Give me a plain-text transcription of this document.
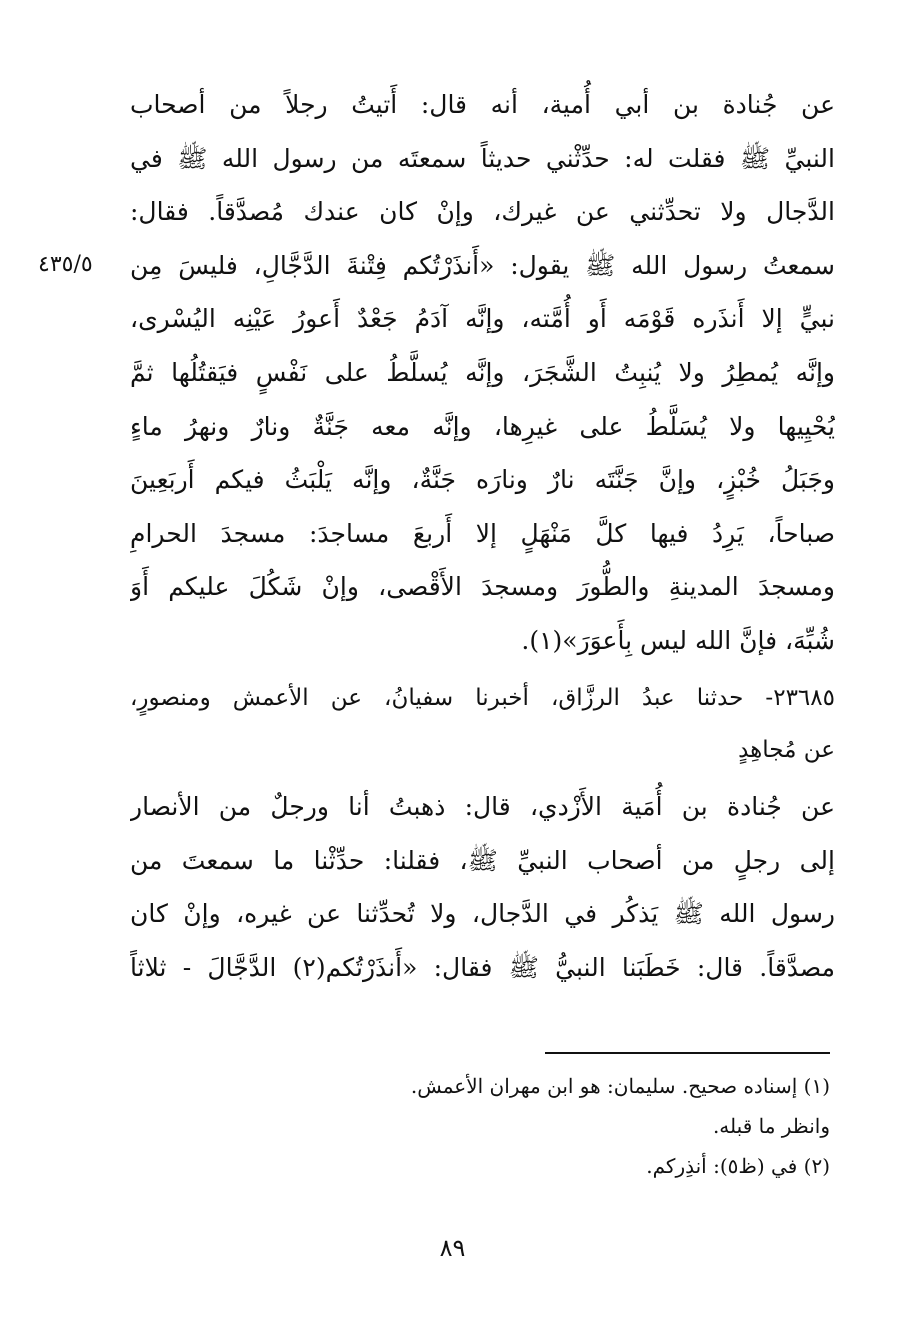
عن جُنادة بن أبي أُمية، أنه قال: أَتيتُ رجلاً من أصحاب
النبيِّ ﷺ فقلت له: حدِّثْني حديثاً سمعتَه من رسول الله ﷺ في
الدَّجال ولا تحدِّثني عن غيرك، وإنْ كان عندك مُصدَّقاً. فقال:
سمعتُ رسول الله ﷺ يقول: «أَنذَرْتُكم فِتْنةَ الدَّجَّالِ، فليسَ مِن
نبيٍّ إلا أَنذَره قَوْمَه أَو أُمَّته، وإنَّه آدَمُ جَعْدٌ أَعورُ عَيْنِه اليُسْرى،
وإنَّه يُمطِرُ ولا يُنبِتُ الشَّجَرَ، وإنَّه يُسلَّطُ على نَفْسٍ فيَقتُلُها ثمَّ
يُحْيِيها ولا يُسَلَّطُ على غيرِها، وإنَّه معه جَنَّةٌ ونارٌ ونهرُ ماءٍ
وجَبَلُ خُبْزٍ، وإنَّ جَنَّتَه نارٌ ونارَه جَنَّةٌ، وإنَّه يَلْبَثُ فيكم أَربَعِينَ
صباحاً، يَرِدُ فيها كلَّ مَنْهَلٍ إلا أَربعَ مساجدَ: مسجدَ الحرامِ
ومسجدَ المدينةِ والطُّورَ ومسجدَ الأَقْصى، وإنْ شَكُلَ عليكم أَوَ
شُبِّهَ، فإنَّ الله ليس بِأَعوَرَ»(١).
٤٣٥/٥
٢٣٦٨٥- حدثنا عبدُ الرزَّاق، أخبرنا سفيانُ، عن الأعمش ومنصورٍ،
عن مُجاهِدٍ
عن جُنادة بن أُمَية الأَزْدي، قال: ذهبتُ أنا ورجلٌ من الأنصار
إلى رجلٍ من أصحاب النبيِّ ﷺ، فقلنا: حدِّثْنا ما سمعتَ من
رسول الله ﷺ يَذكُر في الدَّجال، ولا تُحدِّثنا عن غيره، وإنْ كان
مصدَّقاً. قال: خَطَبَنا النبيُّ ﷺ فقال: «أَنذَرْتُكم(٢) الدَّجَّالَ - ثلاثاً
(١) إسناده صحيح. سليمان: هو ابن مهران الأعمش.
وانظر ما قبله.
(٢) في (ظ٥): أنذِركم.
٨٩
